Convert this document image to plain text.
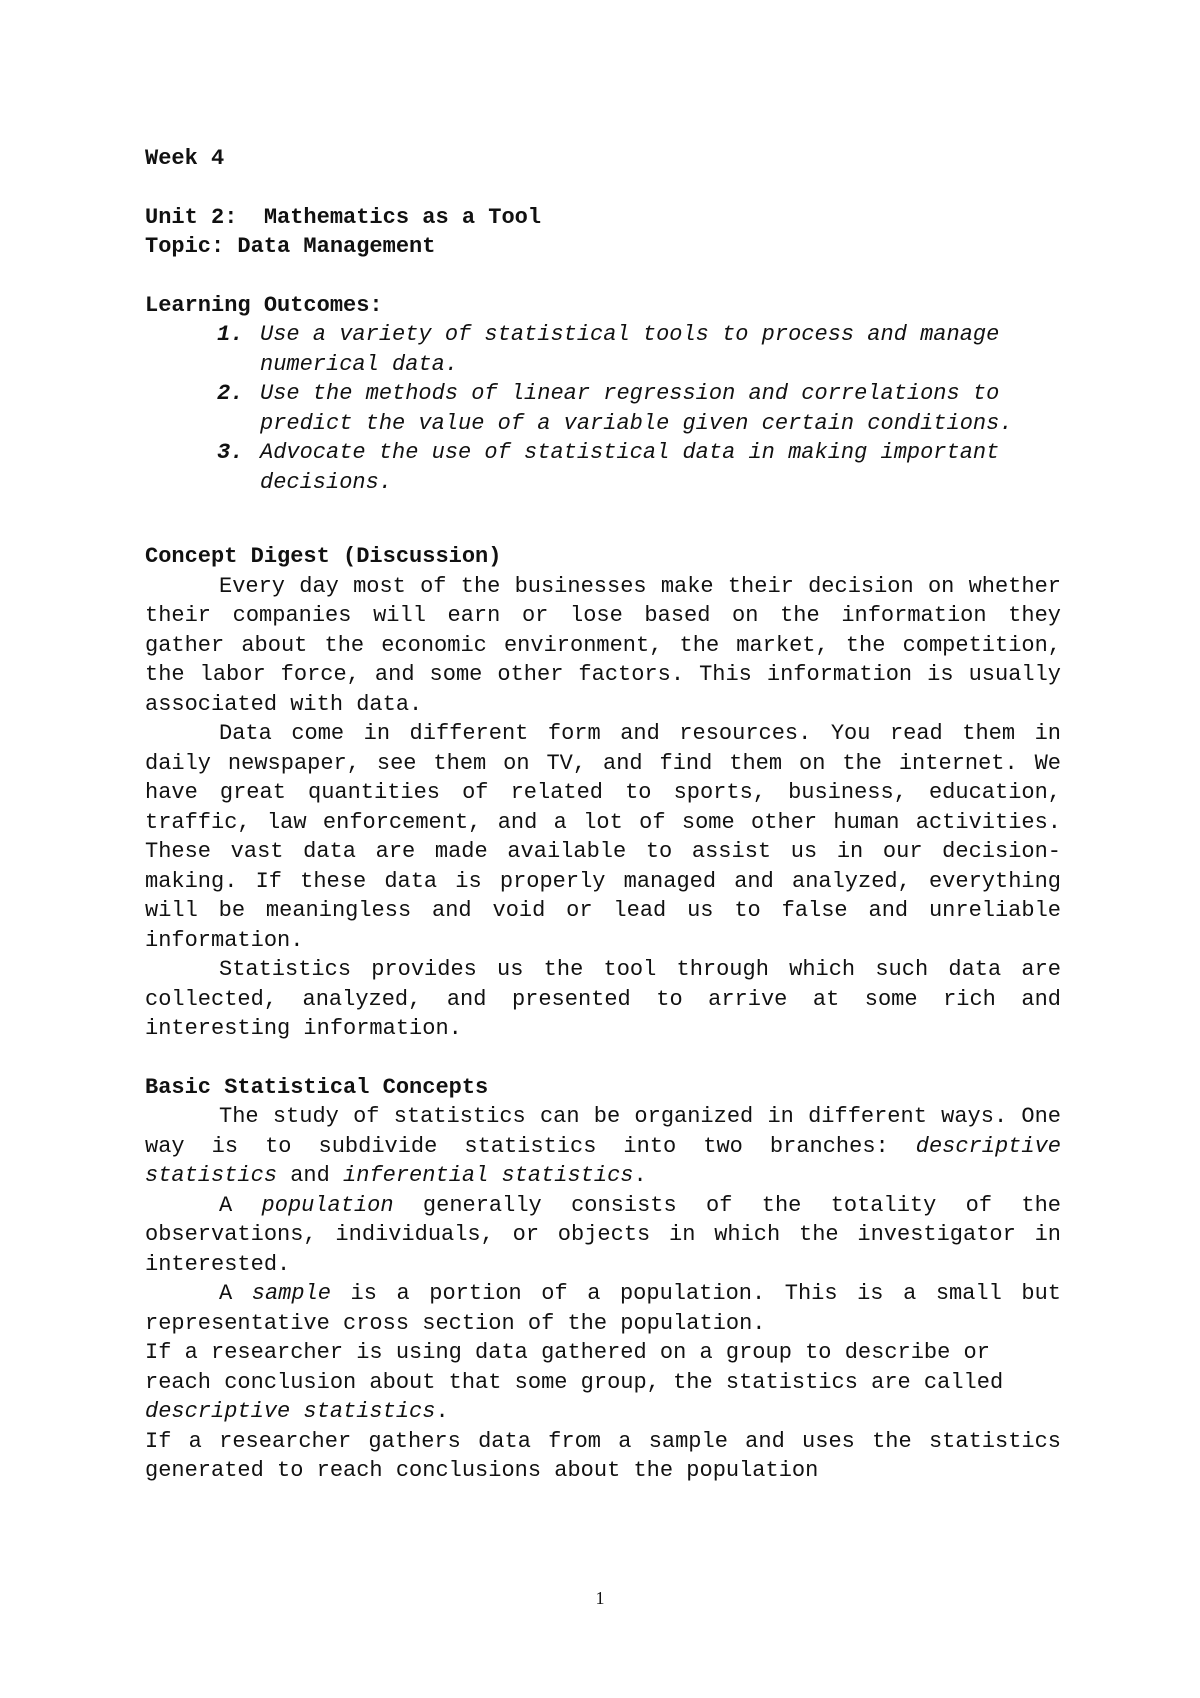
Week 4
Unit 2:  Mathematics as a Tool
Topic: Data Management
Learning Outcomes:
1. Use a variety of statistical tools to process and manage numerical data.
2. Use the methods of linear regression and correlations to predict the value of a variable given certain conditions.
3. Advocate the use of statistical data in making important decisions.
Concept Digest (Discussion)

Every day most of the businesses make their decision on whether their companies will earn or lose based on the information they gather about the economic environment, the market, the competition, the labor force, and some other factors. This information is usually associated with data.

Data come in different form and resources. You read them in daily newspaper, see them on TV, and find them on the internet. We have great quantities of related to sports, business, education, traffic, law enforcement, and a lot of some other human activities. These vast data are made available to assist us in our decision-making. If these data is properly managed and analyzed, everything will be meaningless and void or lead us to false and unreliable information.

Statistics provides us the tool through which such data are collected, analyzed, and presented to arrive at some rich and interesting information.

Basic Statistical Concepts

The study of statistics can be organized in different ways. One way is to subdivide statistics into two branches: descriptive statistics and inferential statistics.

A population generally consists of the totality of the observations, individuals, or objects in which the investigator in interested.

A sample is a portion of a population. This is a small but representative cross section of the population.

If a researcher is using data gathered on a group to describe or reach conclusion about that some group, the statistics are called descriptive statistics.

If a researcher gathers data from a sample and uses the statistics generated to reach conclusions about the population

1
